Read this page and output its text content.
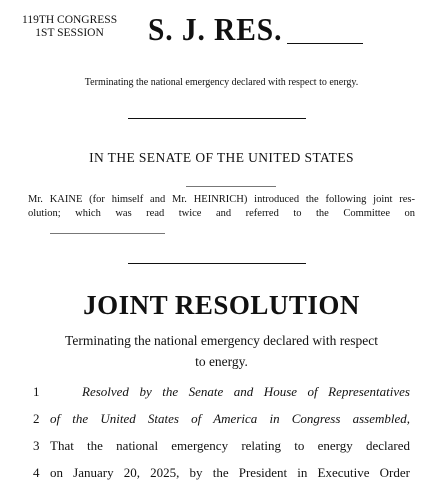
119TH CONGRESS
1ST SESSION	S. J. RES.
Terminating the national emergency declared with respect to energy.
IN THE SENATE OF THE UNITED STATES
Mr. KAINE (for himself and Mr. HEINRICH) introduced the following joint res-
olution; which was read twice and referred to the Committee on
JOINT RESOLUTION
Terminating the national emergency declared with respect
to energy.
1	Resolved by the Senate and House of Representatives
2 of the United States of America in Congress assembled,
3 That the national emergency relating to energy declared
4 on January 20, 2025, by the President in Executive Order
